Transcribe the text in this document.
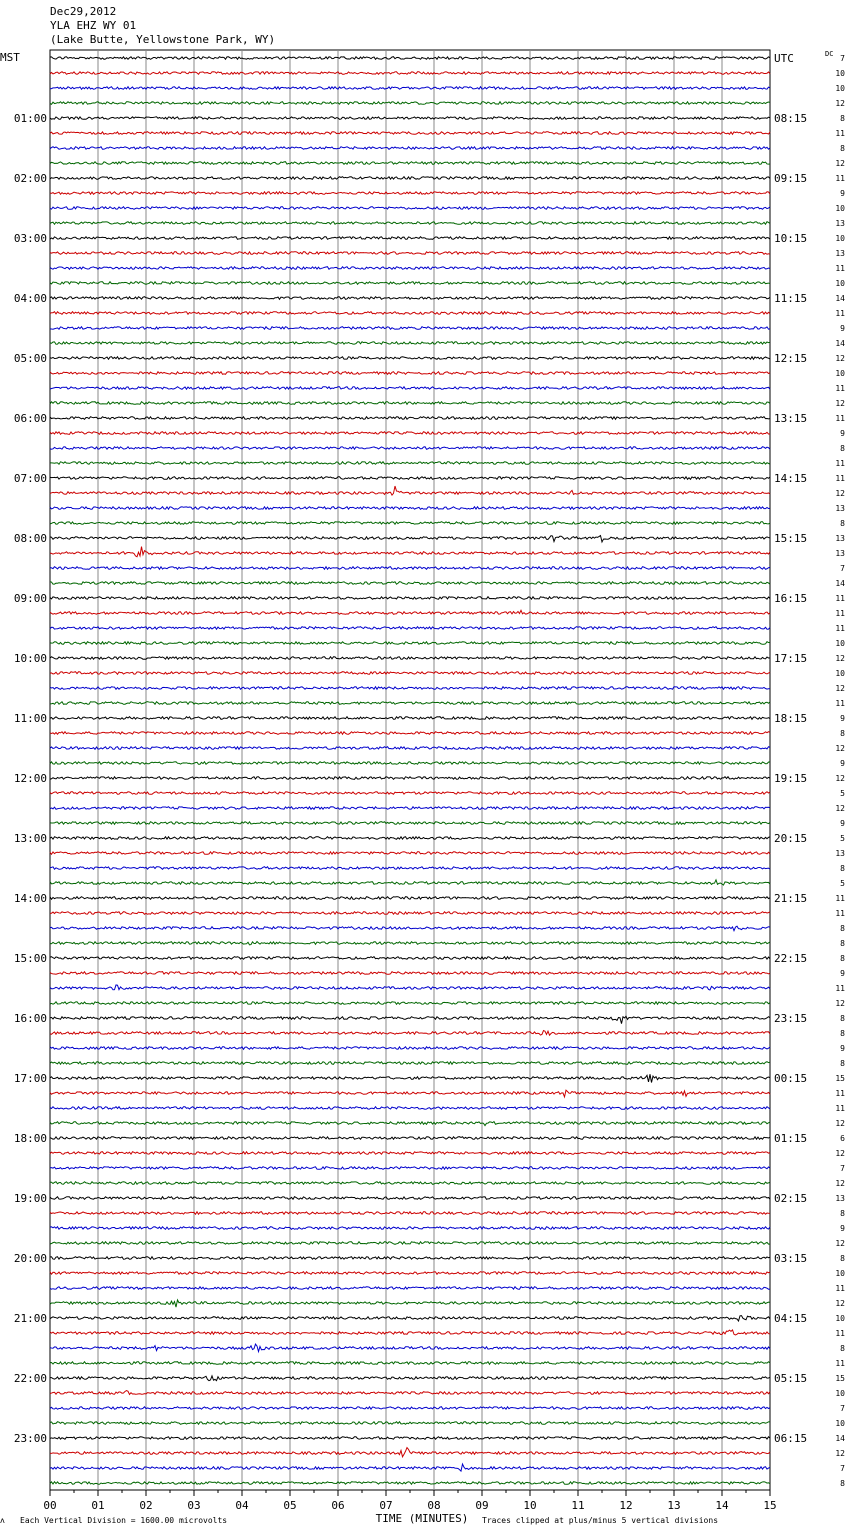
Dec29,2012
YLA EHZ WY 01
(Lake Butte, Yellowstone Park, WY)
MST
01:00
02:00
03:00
04:00
05:00
06:00
07:00
08:00
09:00
10:00
11:00
12:00
13:00
14:00
15:00
16:00
17:00
18:00
19:00
20:00
21:00
22:00
23:00
UTC
08:15
09:15
10:15
11:15
12:15
13:15
14:15
15:15
16:15
17:15
18:15
19:15
20:15
21:15
22:15
23:15
00:15
01:15
02:15
03:15
04:15
05:15
06:15
DC 7
10
10
12
8
11
8
12
11
9
10
13
10
13
11
10
14
11
9
14
12
10
11
12
11
9
8
11
11
12
13
8
13
13
7
14
11
11
11
10
12
10
12
11
9
8
12
9
12
5
12
9
5
13
8
5
11
11
8
8
8
9
11
12
8
8
9
8
15
11
11
12
6
12
7
12
13
8
9
12
8
10
11
12
10
11
8
11
15
10
7
10
14
12
7
8
00	01	02	03	04	05	06	07	08	09	10	11	12	13	14	15
TIME (MINUTES)
ʌ Each Vertical Division = 1600.00 microvolts	Traces clipped at plus/minus 5 vertical divisions
